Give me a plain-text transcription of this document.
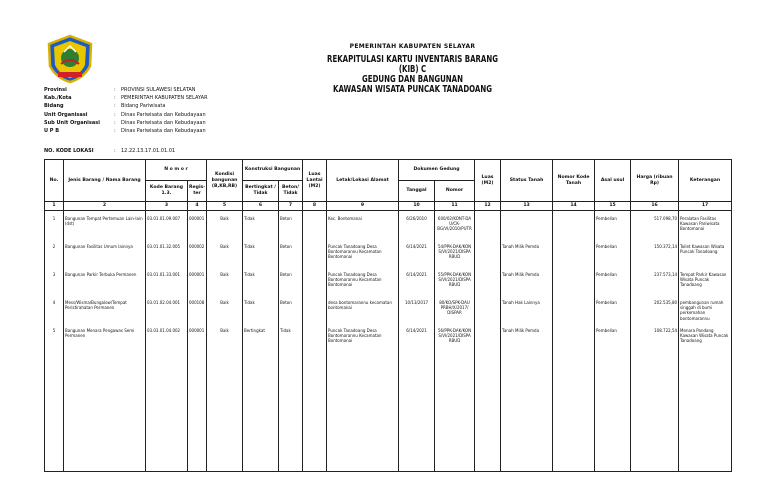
PEMERINTAH KABUPATEN SELAYAR
REKAPITULASI KARTU INVENTARIS BARANG (KIB) C
GEDUNG DAN BANGUNAN
KAWASAN WISATA PUNCAK TANADOANG
Provinsi	:	PROVINSI SULAWESI SELATAN
Kab./Kota	:	PEMERINTAH KABUPATEN SELAYAR
Bidang	:	Bidang Pariwisata
Unit Organisasi	:	Dinas Pariwisata dan Kebudayaan
Sub Unit Organisasi	:	Dinas Pariwisata dan Kebudayaan
U P B	:	Dinas Pariwisata dan Kebudayaan
NO. KODE LOKASI	:	12.22.13.17.01.01.01
No.	Jenis Barang / Nama Barang	N o m o r		Kondisi bangunan (B,KB,RB)	Konstruksi Bangunan		Luas Lantai (M2)	Letak/Lokasi Alamat	Dokumen Gedung		Luas (M2)	Status Tanah	Nomor Kode Tanah	Asal usul	Harga (ribuan Rp)	Keterangan
		Kode Barang 1.3.	Regis-ter		Bertingkat / Tidak	Beton/ Tidak			Tanggal	Nomor						
1	2	3	4	5	6	7	8	9	10	11	12	13	14	15	16	17
1	Bangunan Tempat Pertemuan Lain-lain (dst)	03.01.01.09.007	000001	Baik	Tidak	Beton		Kec. Bontomanai	6/26/2010	600/02/KONT-DA U/CK-BG/VI/2010/PUTR				Pembelian	517.098,70	Peralatan Fasilitas Kawasan Pariwisata Bontomanai
2	Bangunan Fasilitas Umum lainnya	03.01.01.32.005	000002	Baik	Tidak	Beton		Puncak Tanadoang Desa Bontomarannu Kecamatan Bontomanai	6/14/2021	54/PPK-DAK/KON S/VI/2021/DISPA RBUD		Tanah Milik Pemda		Pembelian	150.372,14	Toilet Kawasan Wisata Puncak Tanadoang
3	Bangunan Parkir Terbuka Permanen	03.01.01.33.001	000001	Baik	Tidak	Beton		Puncak Tanadoang Desa Bontomarannu Kecamatan Bontomanai	6/14/2021	55/PPK-DAK/KON S/VI/2021/DISPA RBUD		Tanah Milik Pemda		Pembelian	237.573,14	Tempat Parkir Kawasan Wisata Puncak Tanadoang
4	Mess/Wisma/Bungalow/Tempat Peristirahatan Permanen	03.01.02.04.001	000108	Baik	Tidak	Beton		desa bontomarannu kecamatan bontomanai	10/13/2017	80/KO/SPK-DAU PRBH/X/2017/ DISPAR		Tanah Hak Lainnya		Pembelian	202.535,80	pembangunan rumah singgah di bumi perkemahan bontomarannu
5	Bangunan Menara Pengawas Semi Permanen	03.03.01.04.002	000001	Baik	Bertingkat	Tidak		Puncak Tanadoang Desa Bontomarannu Kecamatan Bontomanai	6/14/2021	56/PPK-DAK/KON S/VI/2021/DISPA RBUD		Tanah Milik Pemda		Pembelian	108.722,54	Menara Pandang Kawasan Wisata Puncak Tanadoang
